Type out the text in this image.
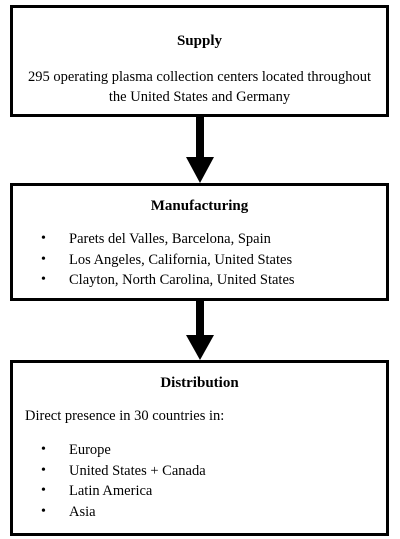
Supply

295 operating plasma collection centers located throughout the United States and Germany

Manufacturing

• Parets del Valles, Barcelona, Spain
• Los Angeles, California, United States
• Clayton, North Carolina, United States

Distribution

Direct presence in 30 countries in:

• Europe
• United States + Canada
• Latin America
• Asia
